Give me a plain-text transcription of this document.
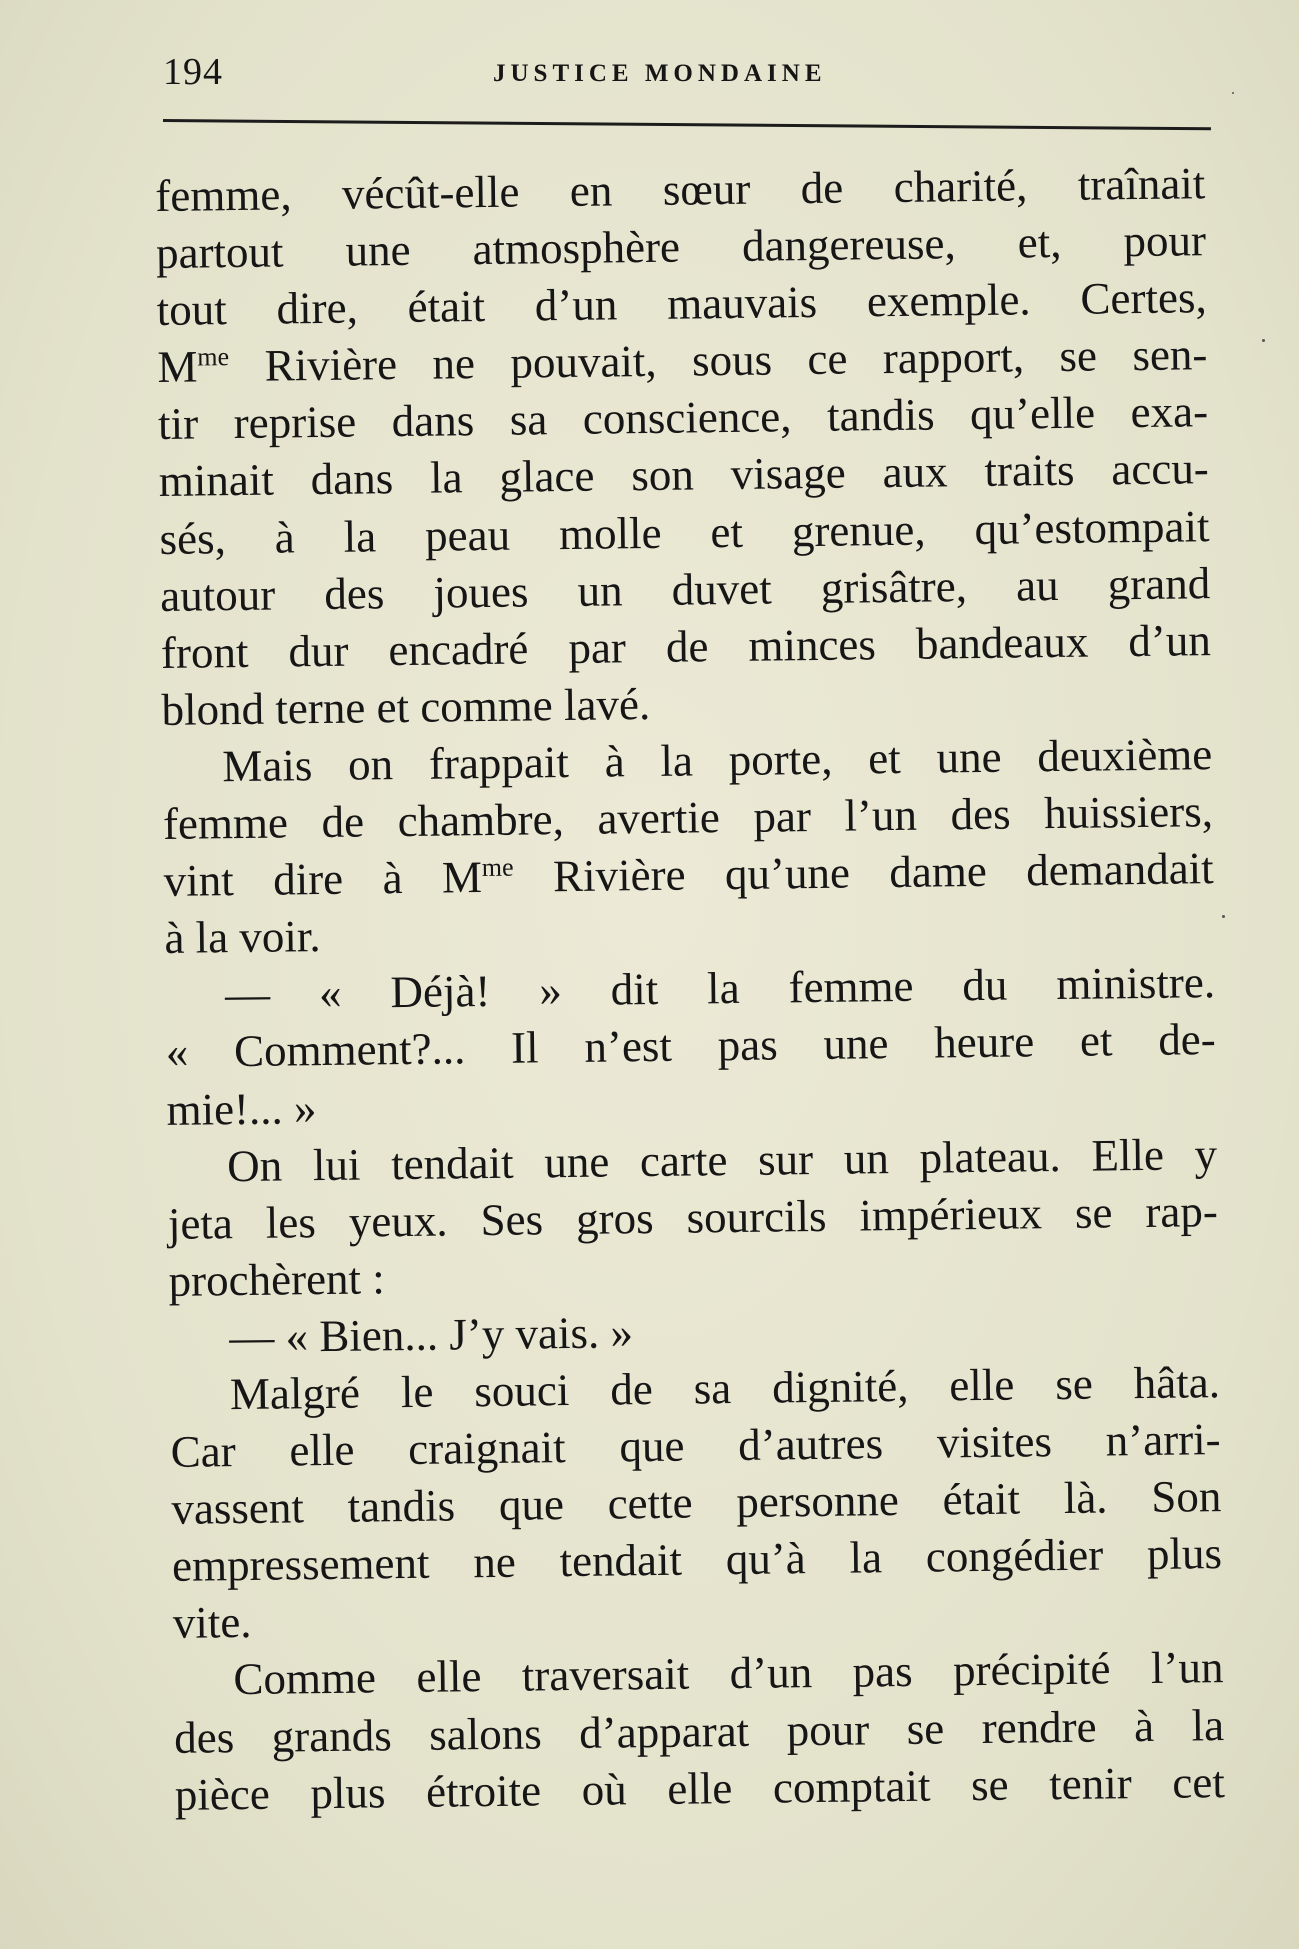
194	JUSTICE MONDAINE
femme, vécût-elle en sœur de charité, traînait
partout une atmosphère dangereuse, et, pour
tout dire, était d’un mauvais exemple. Certes,
$M^{me}$ Rivière ne pouvait, sous ce rapport, se sen-
tir reprise dans sa conscience, tandis qu’elle exa-
minait dans la glace son visage aux traits accu-
sés, à la peau molle et grenue, qu’estompait
autour des joues un duvet grisâtre, au grand
front dur encadré par de minces bandeaux d’un
blond terne et comme lavé.
Mais on frappait à la porte, et une deuxième
femme de chambre, avertie par l’un des huissiers,
vint dire à $M^{me}$ Rivière qu’une dame demandait
à la voir.
— « Déjà! » dit la femme du ministre.
« Comment?... Il n’est pas une heure et de-
mie!... »
On lui tendait une carte sur un plateau. Elle y
jeta les yeux. Ses gros sourcils impérieux se rap-
prochèrent :
— « Bien... J’y vais. »
Malgré le souci de sa dignité, elle se hâta.
Car elle craignait que d’autres visites n’arri-
vassent tandis que cette personne était là. Son
empressement ne tendait qu’à la congédier plus
vite.
Comme elle traversait d’un pas précipité l’un
des grands salons d’apparat pour se rendre à la
pièce plus étroite où elle comptait se tenir cet
